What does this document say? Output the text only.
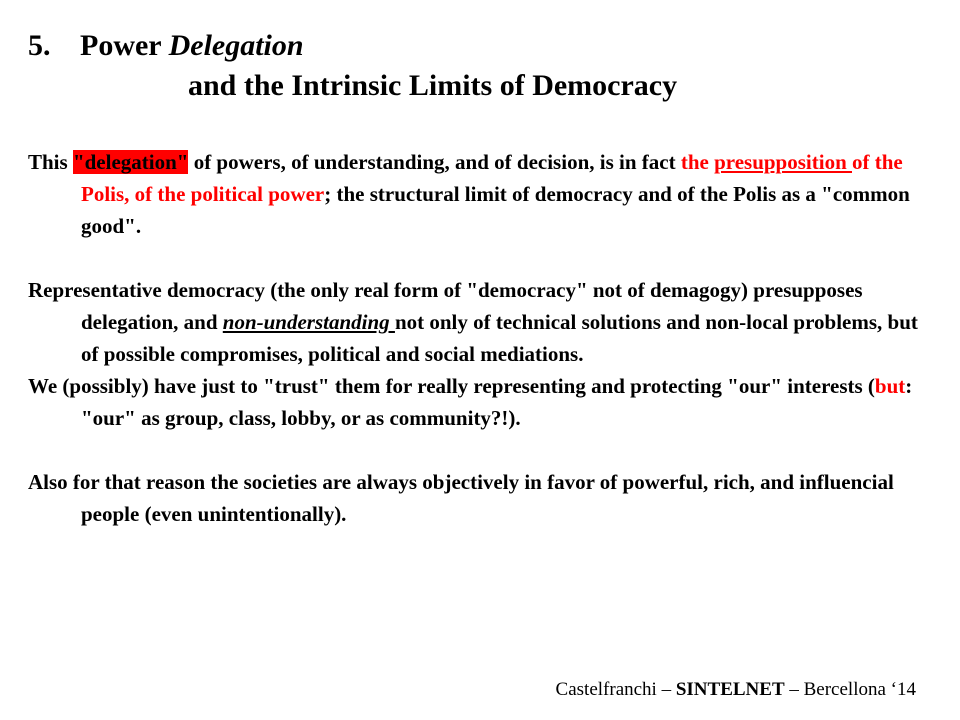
5. Power Delegation
and the Intrinsic Limits of Democracy

This "delegation" of powers, of understanding, and of decision, is in fact the presupposition of the Polis, of the political power; the structural limit of democracy and of the Polis as a "common good".

Representative democracy (the only real form of "democracy" not of demagogy) presupposes delegation, and non-understanding not only of technical solutions and non-local problems, but of possible compromises, political and social mediations.

We (possibly) have just to "trust" them for really representing and protecting "our" interests (but: "our" as group, class, lobby, or as community?!).

Also for that reason the societies are always objectively in favor of powerful, rich, and influencial people (even unintentionally).

Castelfranchi – SINTELNET – Bercellona ‘14
